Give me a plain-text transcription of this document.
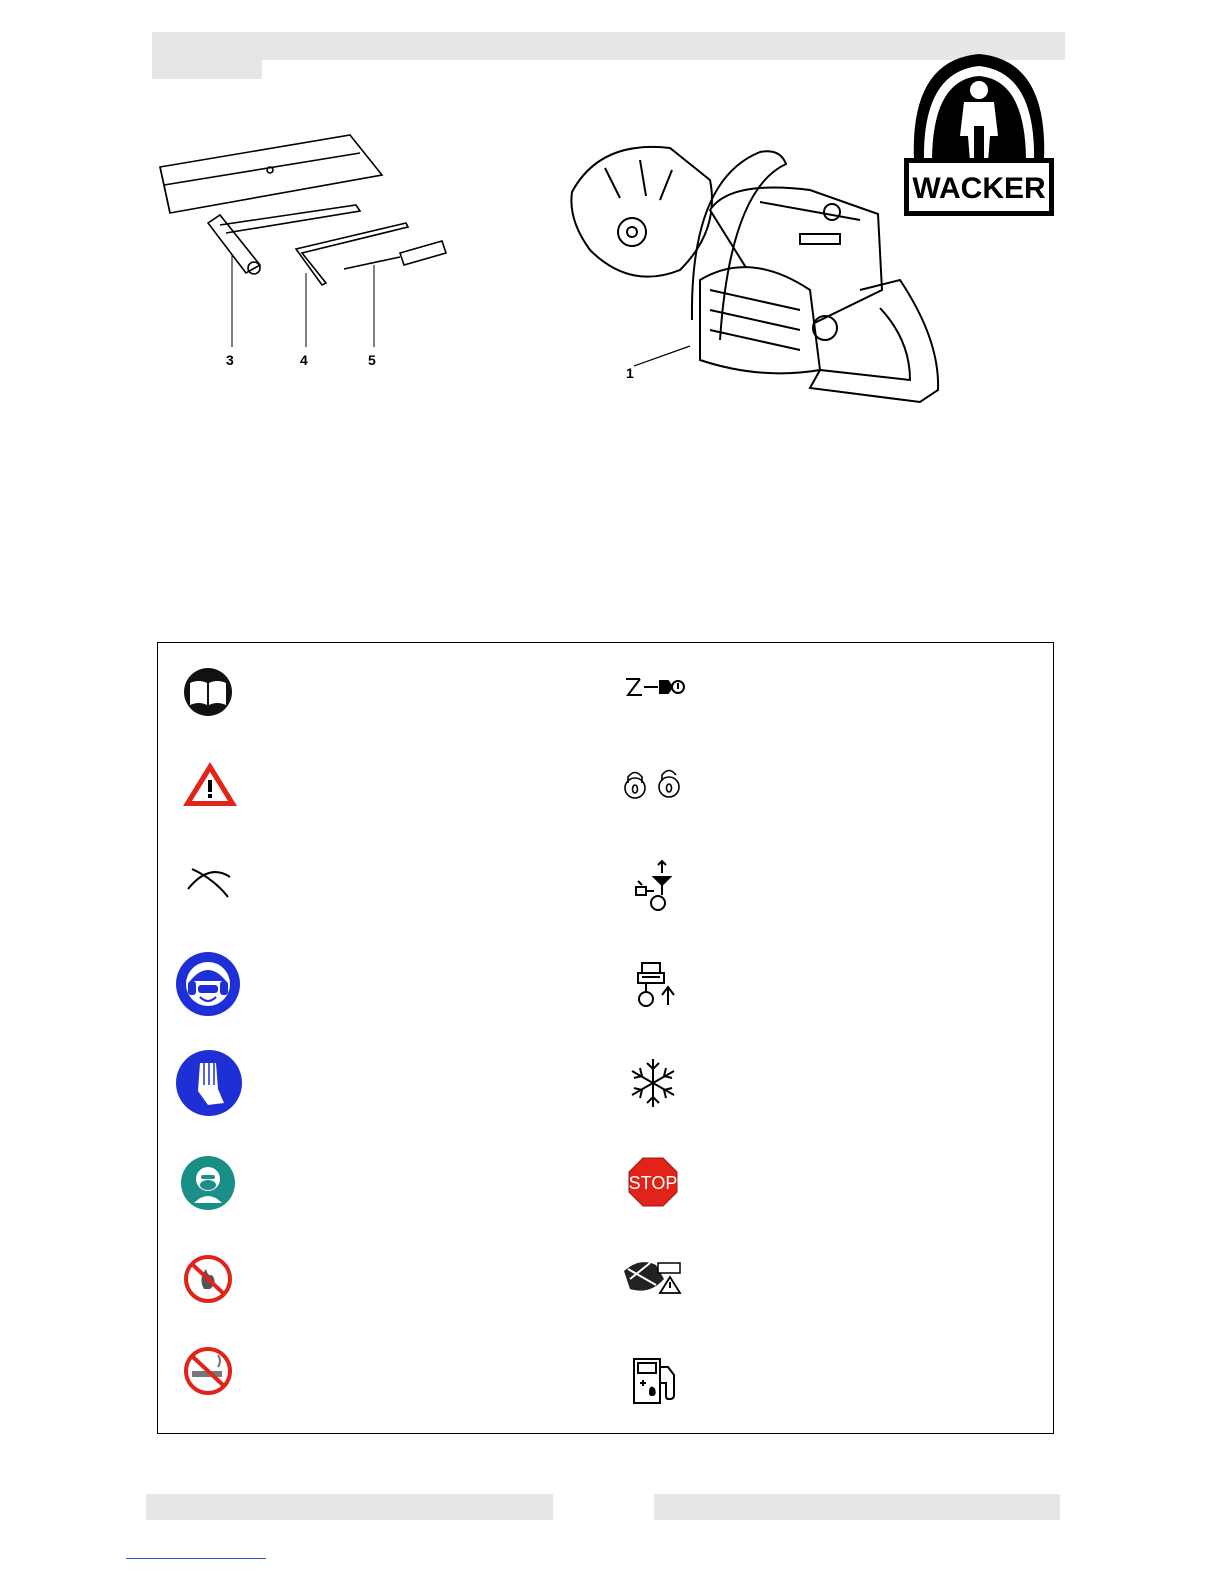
WACKER
3	4	5
1
STOP
